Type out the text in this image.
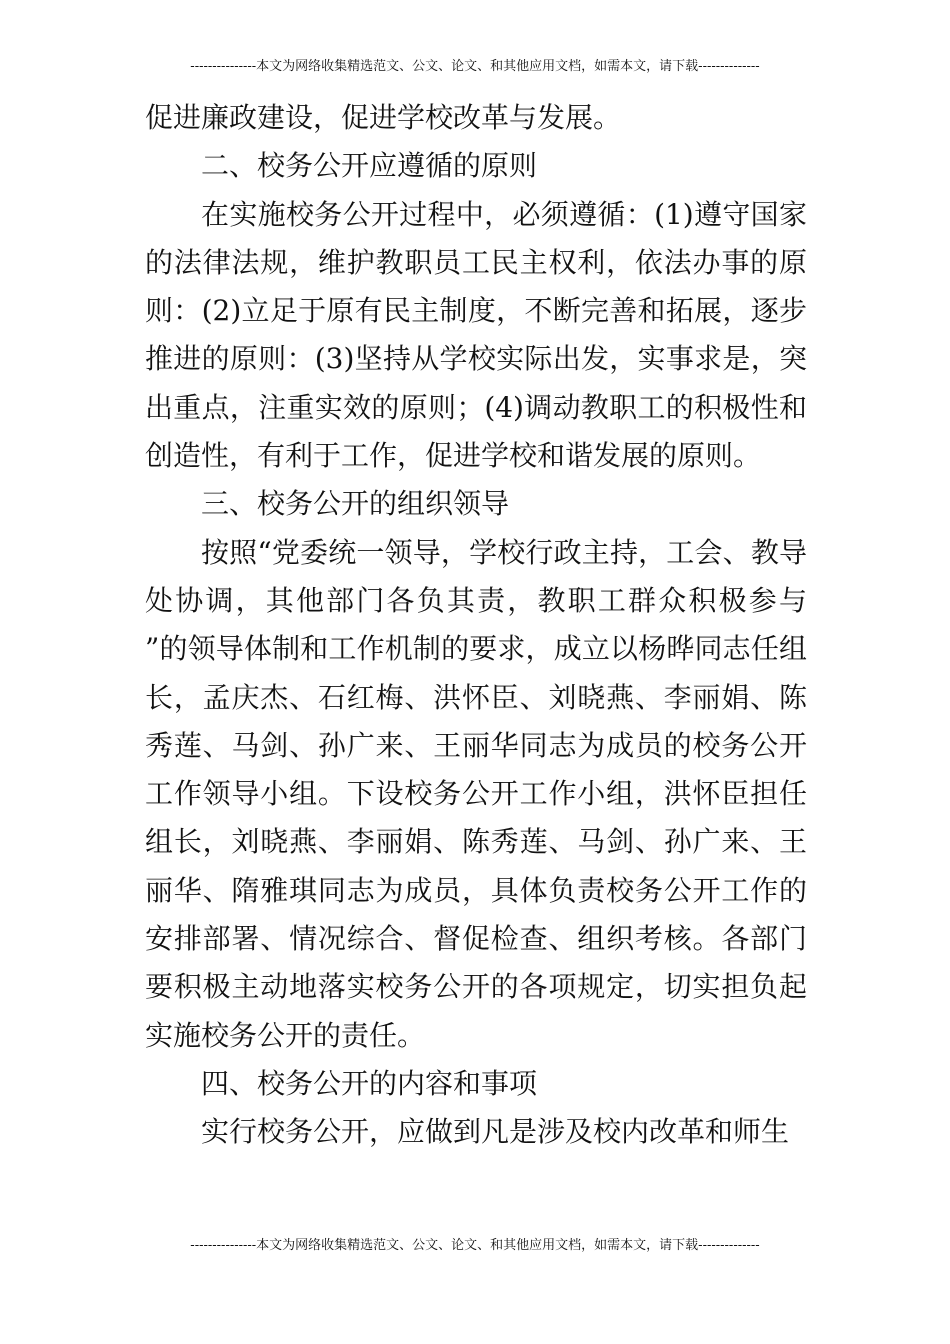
---------------本文为网络收集精选范文、公文、论文、和其他应用文档，如需本文，请下载--------------

促进廉政建设，促进学校改革与发展。

二、校务公开应遵循的原则

在实施校务公开过程中，必须遵循：(1)遵守国家的法律法规，维护教职员工民主权利，依法办事的原则：(2)立足于原有民主制度，不断完善和拓展，逐步推进的原则：(3)坚持从学校实际出发，实事求是，突出重点，注重实效的原则；(4)调动教职工的积极性和创造性，有利于工作，促进学校和谐发展的原则。

三、校务公开的组织领导

按照“党委统一领导，学校行政主持，工会、教导处协调，其他部门各负其责，教职工群众积极参与 ”的领导体制和工作机制的要求，成立以杨晔同志任组长，孟庆杰、石红梅、洪怀臣、刘晓燕、李丽娟、陈秀莲、马剑、孙广来、王丽华同志为成员的校务公开工作领导小组。下设校务公开工作小组，洪怀臣担任组长，刘晓燕、李丽娟、陈秀莲、马剑、孙广来、王丽华、隋雅琪同志为成员，具体负责校务公开工作的安排部署、情况综合、督促检查、组织考核。各部门要积极主动地落实校务公开的各项规定，切实担负起实施校务公开的责任。

四、校务公开的内容和事项

实行校务公开，应做到凡是涉及校内改革和师生

---------------本文为网络收集精选范文、公文、论文、和其他应用文档，如需本文，请下载--------------
